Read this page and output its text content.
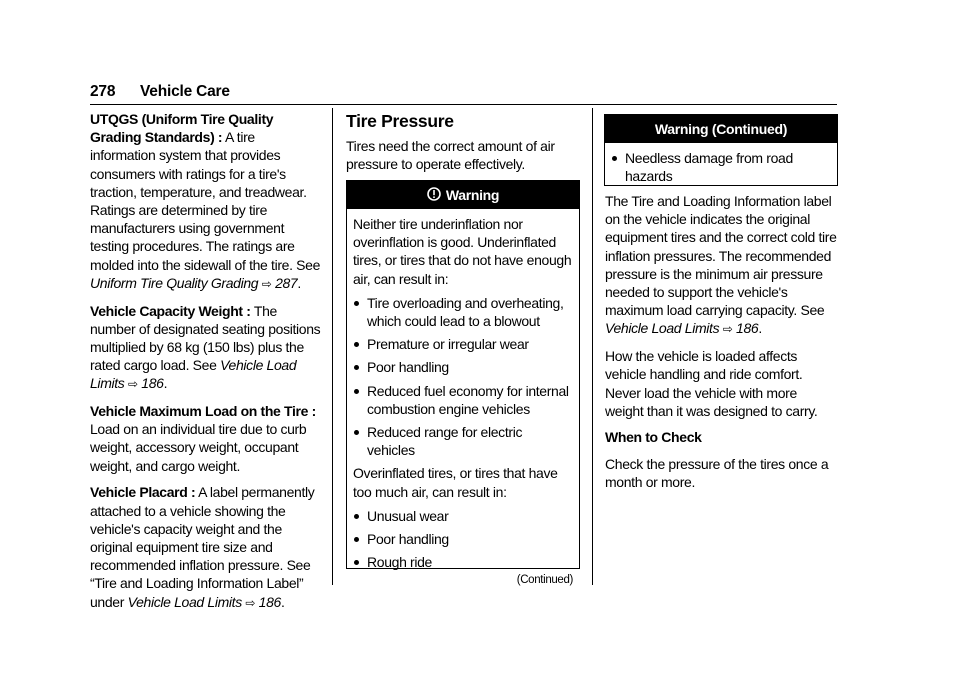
278 Vehicle Care

UTQGS (Uniform Tire Quality Grading Standards) : A tire information system that provides consumers with ratings for a tire's traction, temperature, and treadwear. Ratings are determined by tire manufacturers using government testing procedures. The ratings are molded into the sidewall of the tire. See Uniform Tire Quality Grading ⇨ 287.

Vehicle Capacity Weight : The number of designated seating positions multiplied by 68 kg (150 lbs) plus the rated cargo load. See Vehicle Load Limits ⇨ 186.

Vehicle Maximum Load on the Tire : Load on an individual tire due to curb weight, accessory weight, occupant weight, and cargo weight.

Vehicle Placard : A label permanently attached to a vehicle showing the vehicle's capacity weight and the original equipment tire size and recommended inflation pressure. See “Tire and Loading Information Label” under Vehicle Load Limits ⇨ 186.

Tire Pressure

Tires need the correct amount of air pressure to operate effectively.

Warning

Neither tire underinflation nor overinflation is good. Underinflated tires, or tires that do not have enough air, can result in:

Tire overloading and overheating, which could lead to a blowout
Premature or irregular wear
Poor handling
Reduced fuel economy for internal combustion engine vehicles
Reduced range for electric vehicles

Overinflated tires, or tires that have too much air, can result in:

Unusual wear
Poor handling
Rough ride
(Continued)
Warning (Continued)
Needless damage from road hazards

The Tire and Loading Information label on the vehicle indicates the original equipment tires and the correct cold tire inflation pressures. The recommended pressure is the minimum air pressure needed to support the vehicle's maximum load carrying capacity. See Vehicle Load Limits ⇨ 186.

How the vehicle is loaded affects vehicle handling and ride comfort. Never load the vehicle with more weight than it was designed to carry.

When to Check

Check the pressure of the tires once a month or more.
